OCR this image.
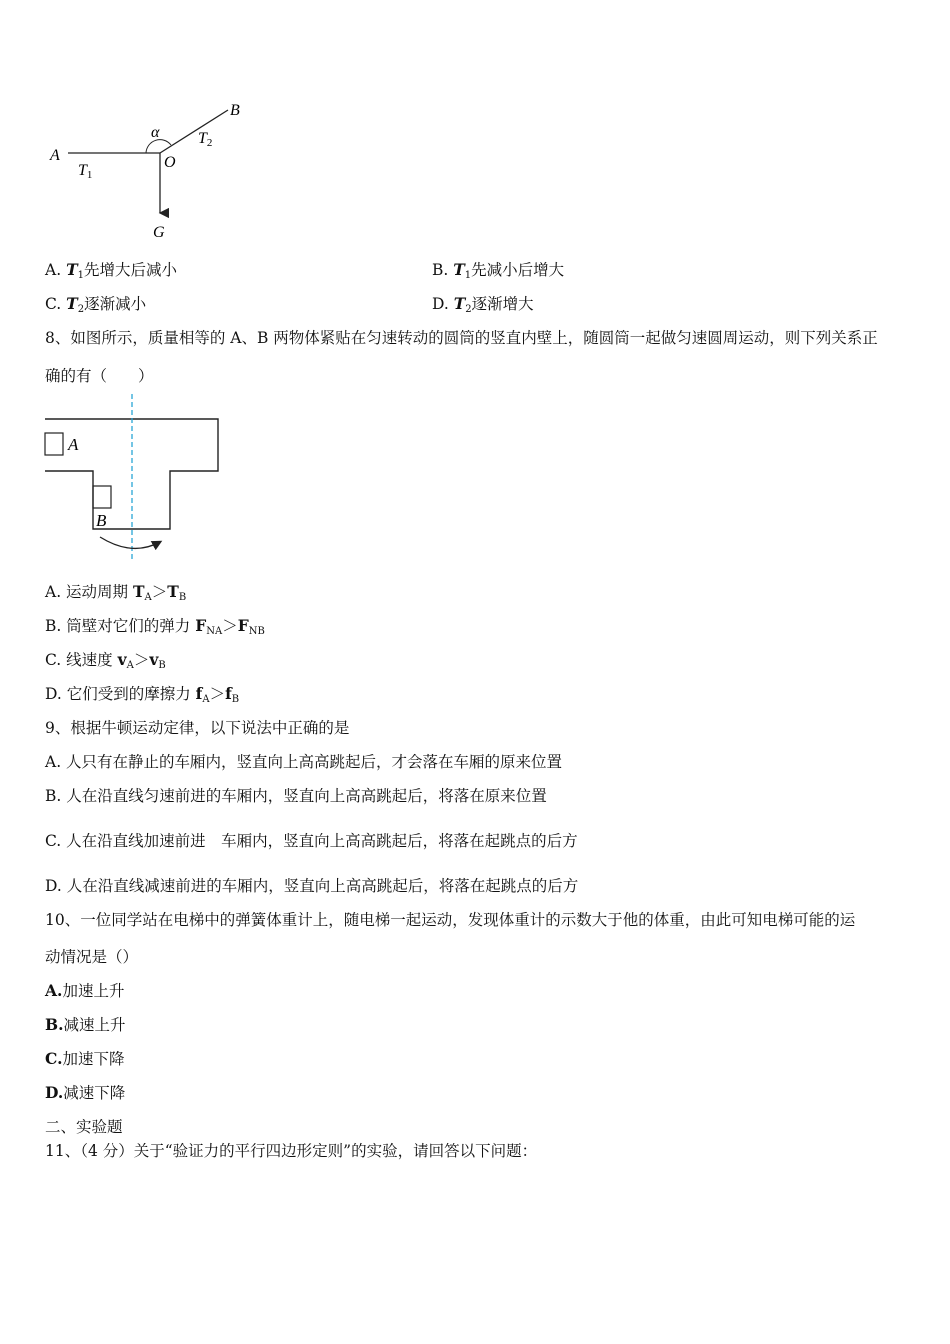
A
B
O
G
α
T1
T2
A. $T_1$先增大后减小	B. $T_1$先减小后增大
C. $T_2$逐渐减小	D. $T_2$逐渐增大
8、如图所示，质量相等的 A、B 两物体紧贴在匀速转动的圆筒的竖直内壁上，随圆筒一起做匀速圆周运动，则下列关系正
确的有（　　）
A
B
A. 运动周期 $T_A>T_B$
B. 筒壁对它们的弹力 $F_{NA}>F_{NB}$
C. 线速度 $v_A>v_B$
D. 它们受到的摩擦力 $f_A>f_B$
9、根据牛顿运动定律，以下说法中正确的是
A. 人只有在静止的车厢内，竖直向上高高跳起后，才会落在车厢的原来位置
B. 人在沿直线匀速前进的车厢内，竖直向上高高跳起后，将落在原来位置
C. 人在沿直线加速前进　车厢内，竖直向上高高跳起后，将落在起跳点的后方
D. 人在沿直线减速前进的车厢内，竖直向上高高跳起后，将落在起跳点的后方
10、一位同学站在电梯中的弹簧体重计上，随电梯一起运动，发现体重计的示数大于他的体重，由此可知电梯可能的运
动情况是（）
A.加速上升
B.减速上升
C.加速下降
D.减速下降
二、实验题
11、（4 分）关于“验证力的平行四边形定则”的实验，请回答以下问题：
